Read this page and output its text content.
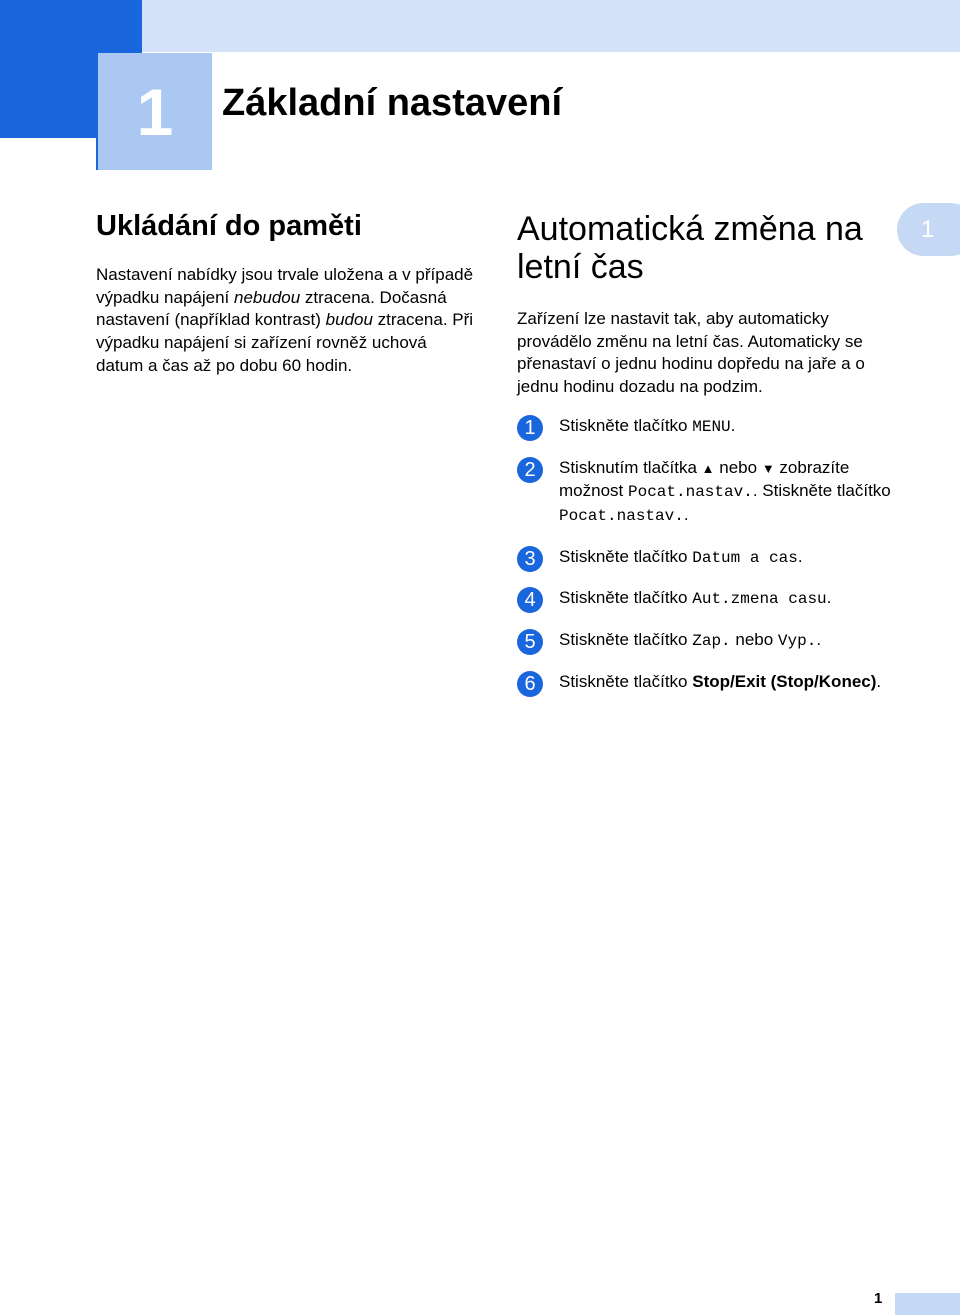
1 Základní nastavení
Ukládání do paměti

Nastavení nabídky jsou trvale uložena a v případě výpadku napájení nebudou ztracena. Dočasná nastavení (například kontrast) budou ztracena. Při výpadku napájení si zařízení rovněž uchová datum a čas až po dobu 60 hodin.

Automatická změna na letní čas

Zařízení lze nastavit tak, aby automaticky provádělo změnu na letní čas. Automaticky se přenastaví o jednu hodinu dopředu na jaře a o jednu hodinu dozadu na podzim.

1	Stiskněte tlačítko MENU.
2	Stisknutím tlačítka ▲ nebo ▼ zobrazíte možnost Pocat.nastav.. Stiskněte tlačítko Pocat.nastav..
3	Stiskněte tlačítko Datum a cas.
4	Stiskněte tlačítko Aut.zmena casu.
5	Stiskněte tlačítko Zap. nebo Vyp..
6	Stiskněte tlačítko Stop/Exit (Stop/Konec).
1
1
